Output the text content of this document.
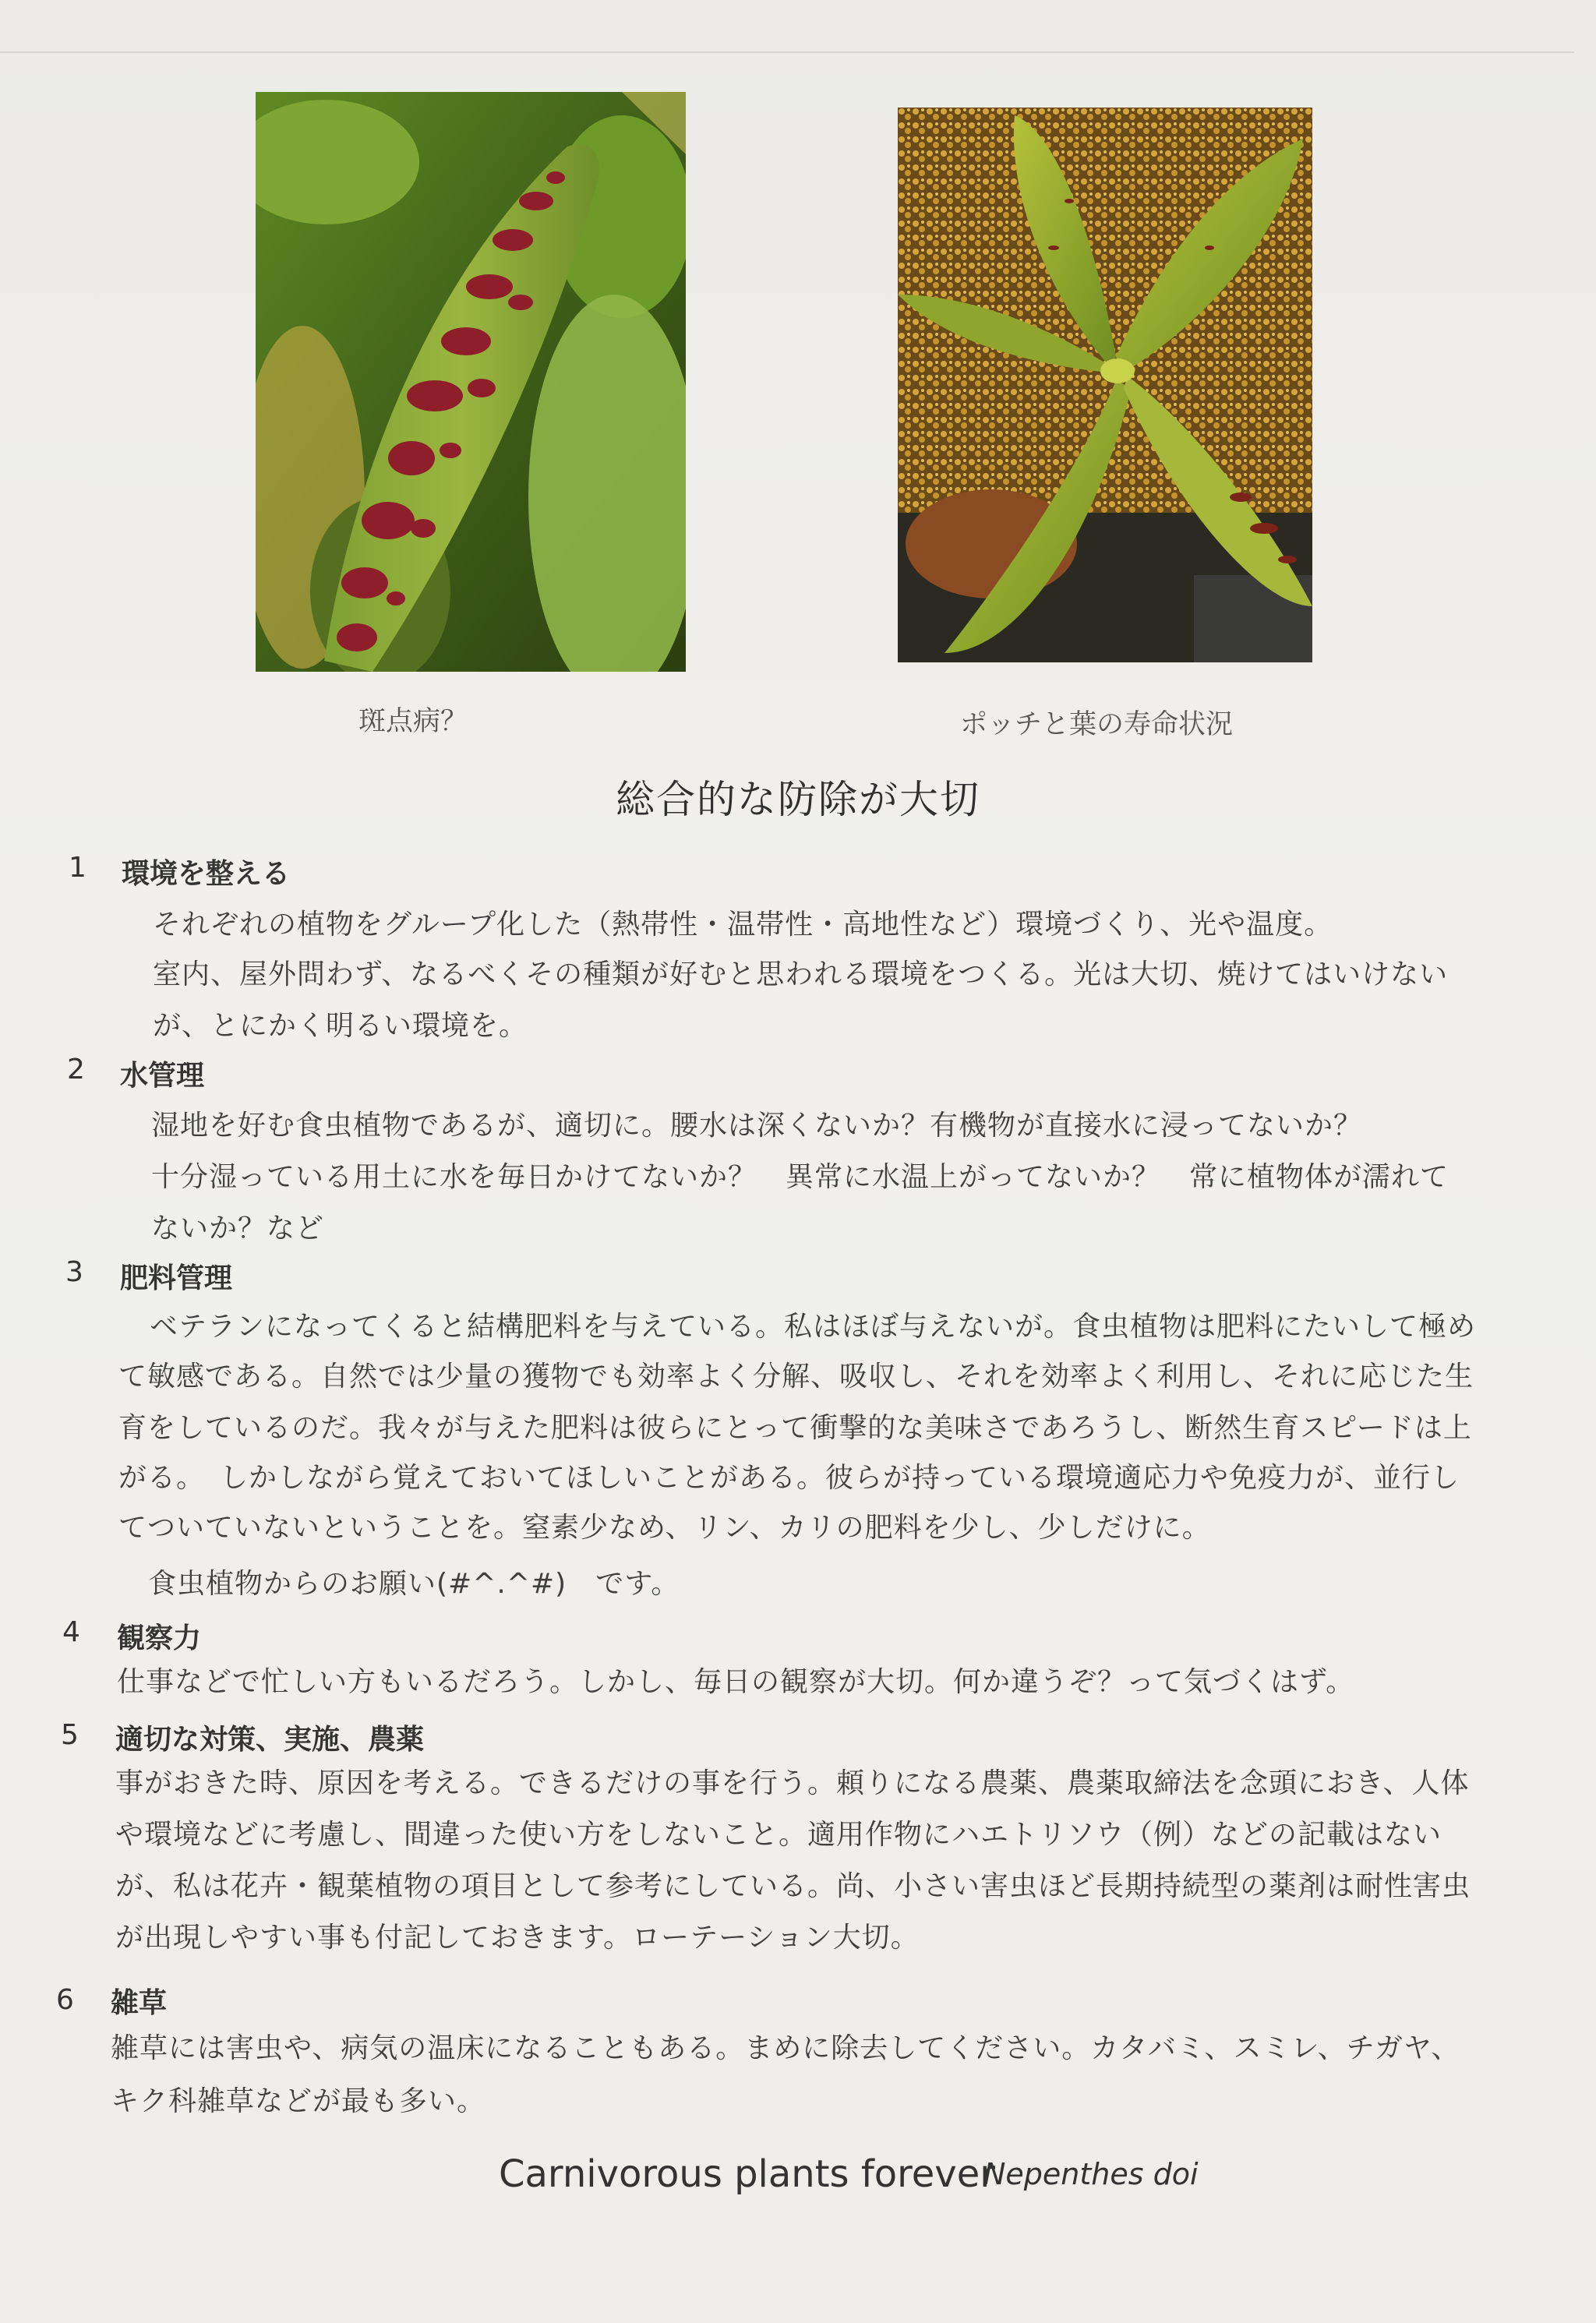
斑点病？	ポッチと葉の寿命状況
総合的な防除が大切
1 環境を整える
それぞれの植物をグループ化した（熱帯性・温帯性・高地性など）環境づくり、光や温度。
室内、屋外問わず、なるべくその種類が好むと思われる環境をつくる。光は大切、焼けてはいけない
が、とにかく明るい環境を。
2 水管理
湿地を好む食虫植物であるが、適切に。腰水は深くないか？有機物が直接水に浸ってないか？
十分湿っている用土に水を毎日かけてないか？　異常に水温上がってないか？　常に植物体が濡れて
ないか？など
3 肥料管理
ベテランになってくると結構肥料を与えている。私はほぼ与えないが。食虫植物は肥料にたいして極め
て敏感である。自然では少量の獲物でも効率よく分解、吸収し、それを効率よく利用し、それに応じた生
育をしているのだ。我々が与えた肥料は彼らにとって衝撃的な美味さであろうし、断然生育スピードは上
がる。　しかしながら覚えておいてほしいことがある。彼らが持っている環境適応力や免疫力が、並行し
てついていないということを。窒素少なめ、リン、カリの肥料を少し、少しだけに。
食虫植物からのお願い(#^.^#)　です。
4 観察力
仕事などで忙しい方もいるだろう。しかし、毎日の観察が大切。何か違うぞ？って気づくはず。
5 適切な対策、実施、農薬
事がおきた時、原因を考える。できるだけの事を行う。頼りになる農薬、農薬取締法を念頭におき、人体
や環境などに考慮し、間違った使い方をしないこと。適用作物にハエトリソウ（例）などの記載はない
が、私は花卉・観葉植物の項目として参考にしている。尚、小さい害虫ほど長期持続型の薬剤は耐性害虫
が出現しやすい事も付記しておきます。ローテーション大切。
6 雑草
雑草には害虫や、病気の温床になることもある。まめに除去してください。カタバミ、スミレ、チガヤ、
キク科雑草などが最も多い。
Carnivorous plants forever
Nepenthes doi
